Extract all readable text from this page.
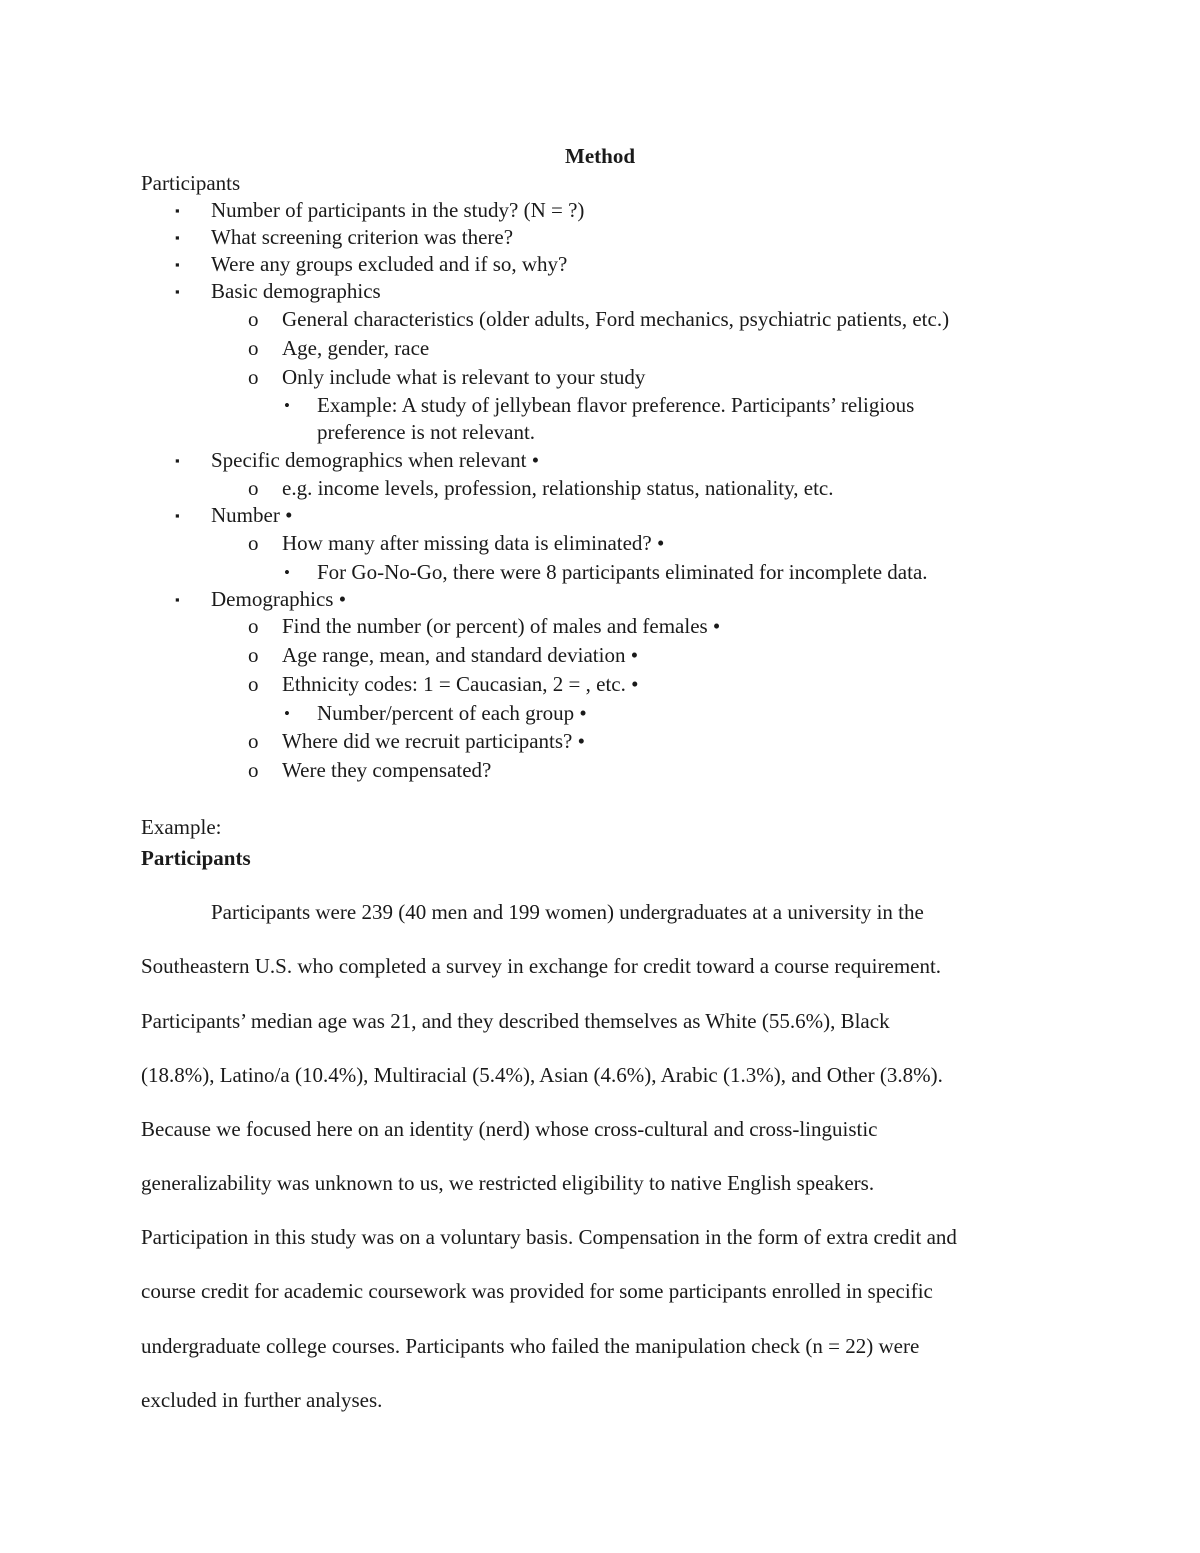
Method
Participants
▪ Number of participants in the study? (N = ?)
▪ What screening criterion was there?
▪ Were any groups excluded and if so, why?
▪ Basic demographics
o General characteristics (older adults, Ford mechanics, psychiatric patients, etc.)
o Age, gender, race
o Only include what is relevant to your study
• Example: A study of jellybean flavor preference. Participants’ religious
preference is not relevant.
▪ Specific demographics when relevant •
o e.g. income levels, profession, relationship status, nationality, etc.
▪ Number •
o How many after missing data is eliminated? •
• For Go-No-Go, there were 8 participants eliminated for incomplete data.
▪ Demographics •
o Find the number (or percent) of males and females •
o Age range, mean, and standard deviation •
o Ethnicity codes: 1 = Caucasian, 2 = , etc. •
• Number/percent of each group •
o Where did we recruit participants? •
o Were they compensated?
Example:
Participants
Participants were 239 (40 men and 199 women) undergraduates at a university in the
Southeastern U.S. who completed a survey in exchange for credit toward a course requirement.
Participants’ median age was 21, and they described themselves as White (55.6%), Black
(18.8%), Latino/a (10.4%), Multiracial (5.4%), Asian (4.6%), Arabic (1.3%), and Other (3.8%).
Because we focused here on an identity (nerd) whose cross-cultural and cross-linguistic
generalizability was unknown to us, we restricted eligibility to native English speakers.
Participation in this study was on a voluntary basis. Compensation in the form of extra credit and
course credit for academic coursework was provided for some participants enrolled in specific
undergraduate college courses. Participants who failed the manipulation check (n = 22) were
excluded in further analyses.
